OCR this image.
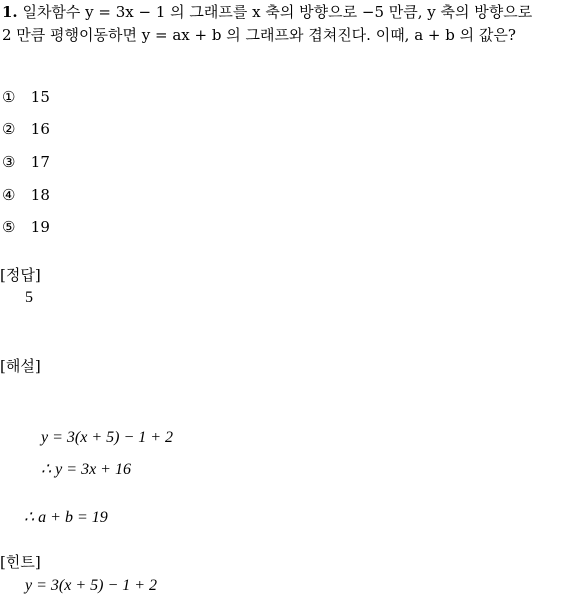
1. 일차함수 y = 3x − 1 의 그래프를 x 축의 방향으로 −5 만큼, y 축의 방향으로
2 만큼 평행이동하면 y = ax + b 의 그래프와 겹쳐진다. 이때, a + b 의 값은?
① 15
② 16
③ 17
④ 18
⑤ 19
[정답]
5
[해설]
y = 3(x + 5) − 1 + 2
∴ y = 3x + 16
∴ a + b = 19
[힌트]
y = 3(x + 5) − 1 + 2
